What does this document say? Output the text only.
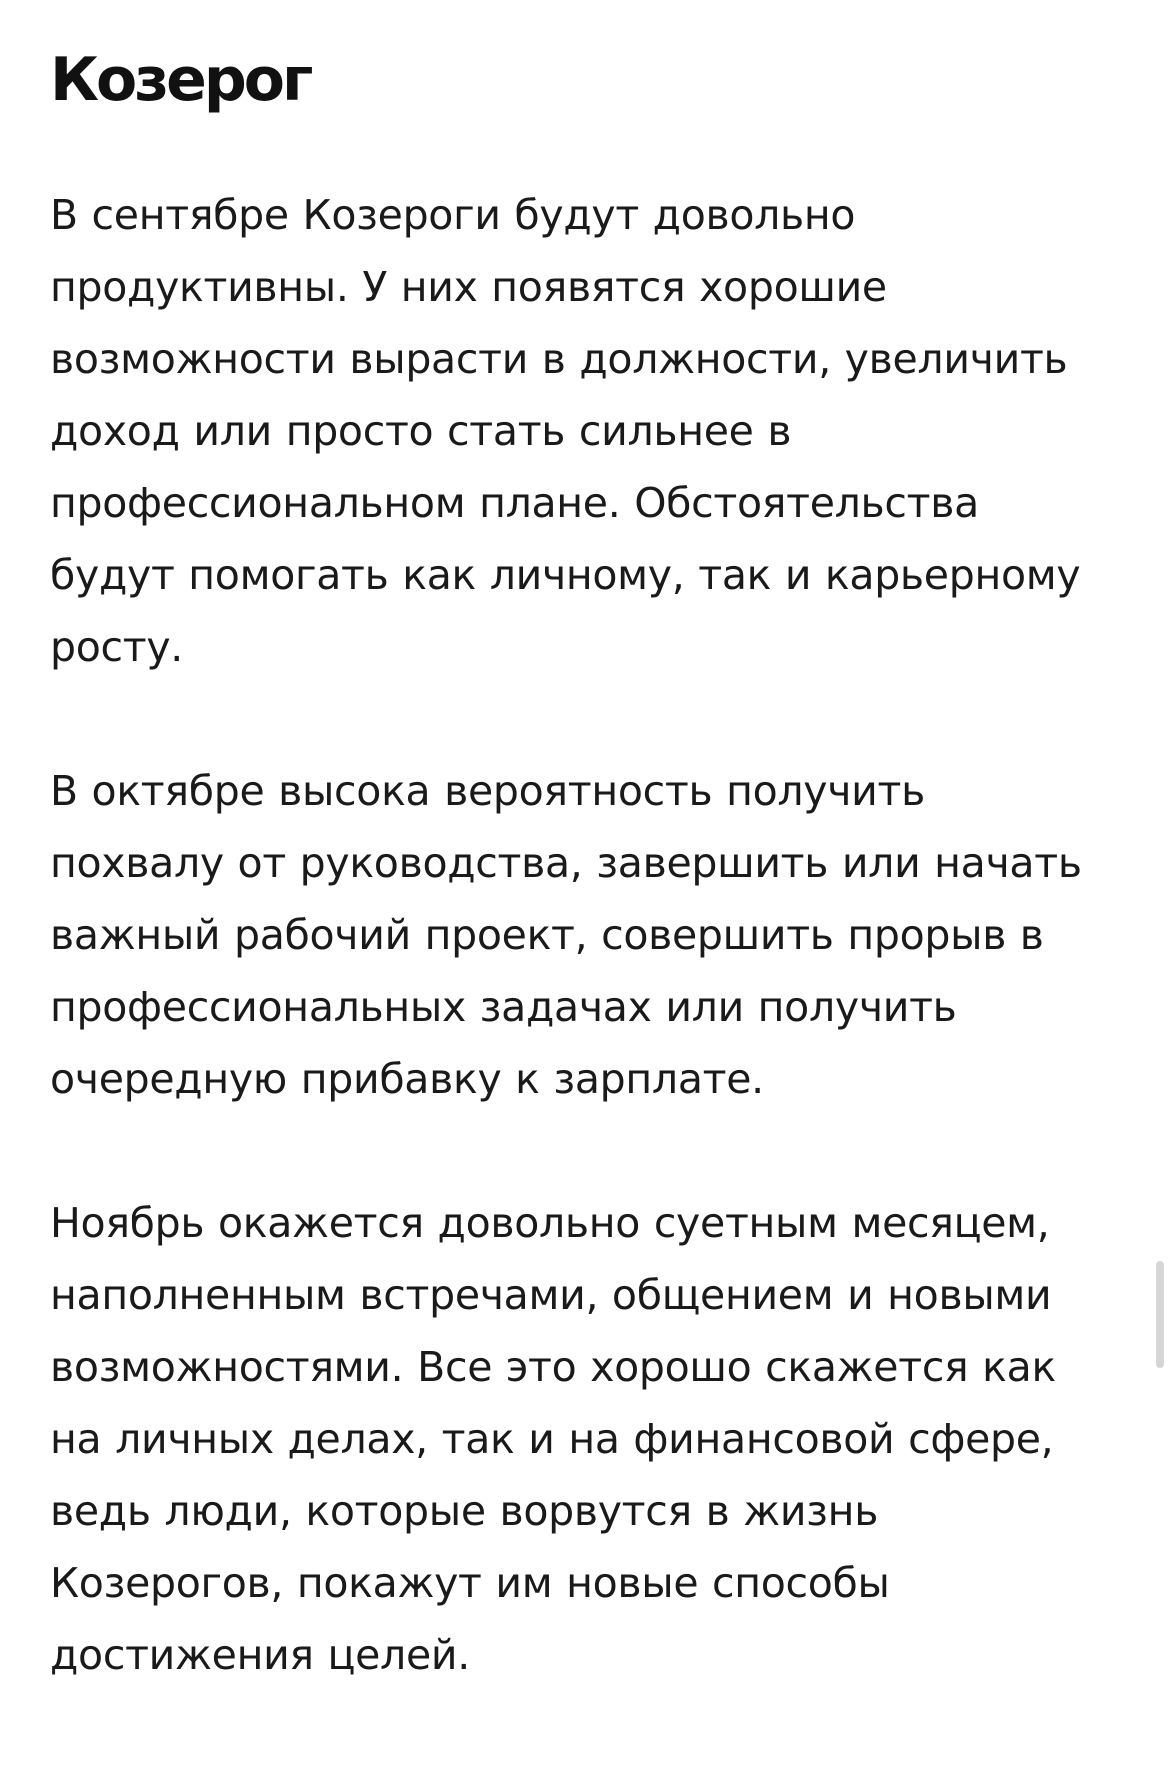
Козерог

В сентябре Козероги будут довольно продуктивны. У них появятся хорошие возможности вырасти в должности, увеличить доход или просто стать сильнее в профессиональном плане. Обстоятельства будут помогать как личному, так и карьерному росту.

В октябре высока вероятность получить похвалу от руководства, завершить или начать важный рабочий проект, совершить прорыв в профессиональных задачах или получить очередную прибавку к зарплате.

Ноябрь окажется довольно суетным месяцем, наполненным встречами, общением и новыми возможностями. Все это хорошо скажется как на личных делах, так и на финансовой сфере, ведь люди, которые ворвутся в жизнь Козерогов, покажут им новые способы достижения целей.
